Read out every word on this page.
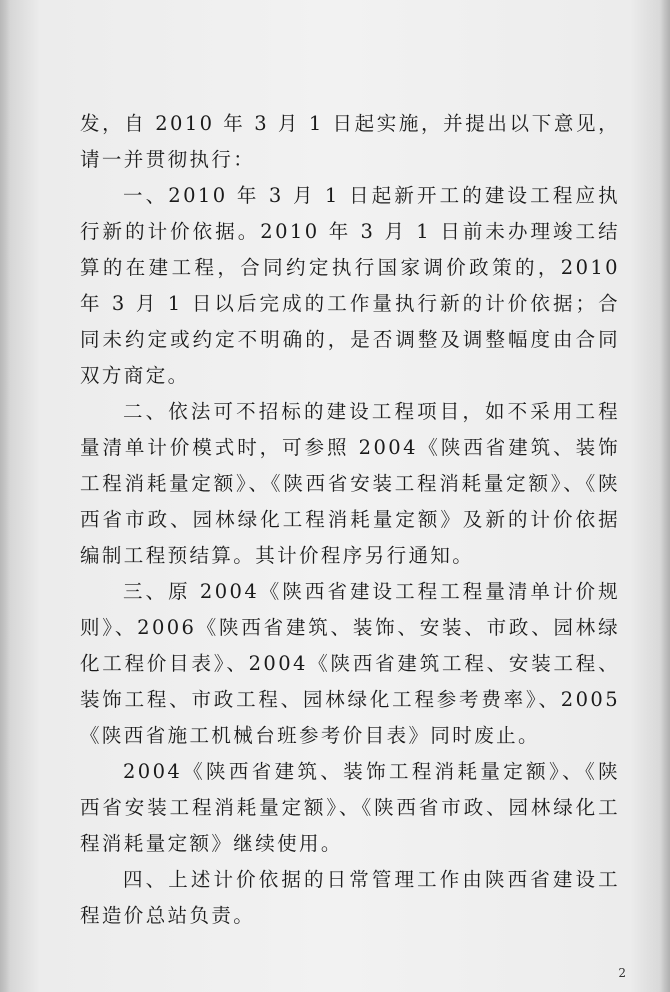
发，自 2010 年 3 月 1 日起实施，并提出以下意见，请一并贯彻执行：

一、2010 年 3 月 1 日起新开工的建设工程应执行新的计价依据。2010 年 3 月 1 日前未办理竣工结算的在建工程，合同约定执行国家调价政策的，2010 年 3 月 1 日以后完成的工作量执行新的计价依据；合同未约定或约定不明确的，是否调整及调整幅度由合同双方商定。

二、依法可不招标的建设工程项目，如不采用工程量清单计价模式时，可参照 2004《陕西省建筑、装饰工程消耗量定额》、《陕西省安装工程消耗量定额》、《陕西省市政、园林绿化工程消耗量定额》及新的计价依据编制工程预结算。其计价程序另行通知。

三、原 2004《陕西省建设工程工程量清单计价规则》、2006《陕西省建筑、装饰、安装、市政、园林绿化工程价目表》、2004《陕西省建筑工程、安装工程、装饰工程、市政工程、园林绿化工程参考费率》、2005《陕西省施工机械台班参考价目表》同时废止。

2004《陕西省建筑、装饰工程消耗量定额》、《陕西省安装工程消耗量定额》、《陕西省市政、园林绿化工程消耗量定额》继续使用。

四、上述计价依据的日常管理工作由陕西省建设工程造价总站负责。

2
